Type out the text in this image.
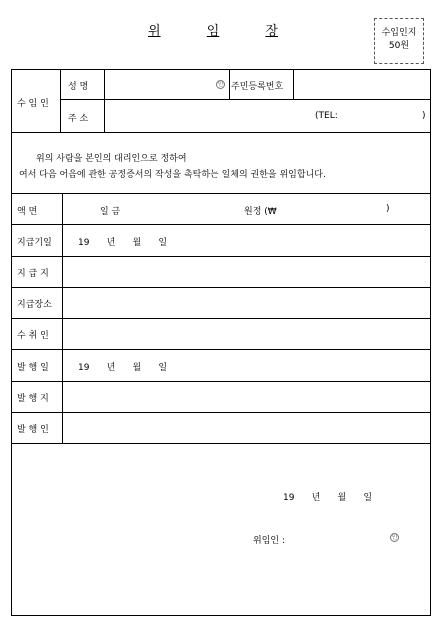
위	임	장	수입인지
50원
수 임 인
성 명	인 주민등록번호
주 소	(TEL:	)
위의 사람을 본인의 대리인으로 정하여
여서 다음 어음에 관한 공정증서의 작성을 촉탁하는 일체의 권한을 위임합니다.
액 면	일 금	원정 (₩	)
지급기일	19      년      월      일
지 급 지
지급장소
수 취 인
발 행 일	19      년      월      일
발 행 지
발 행 인
19      년      월      일
위임인 :	인
